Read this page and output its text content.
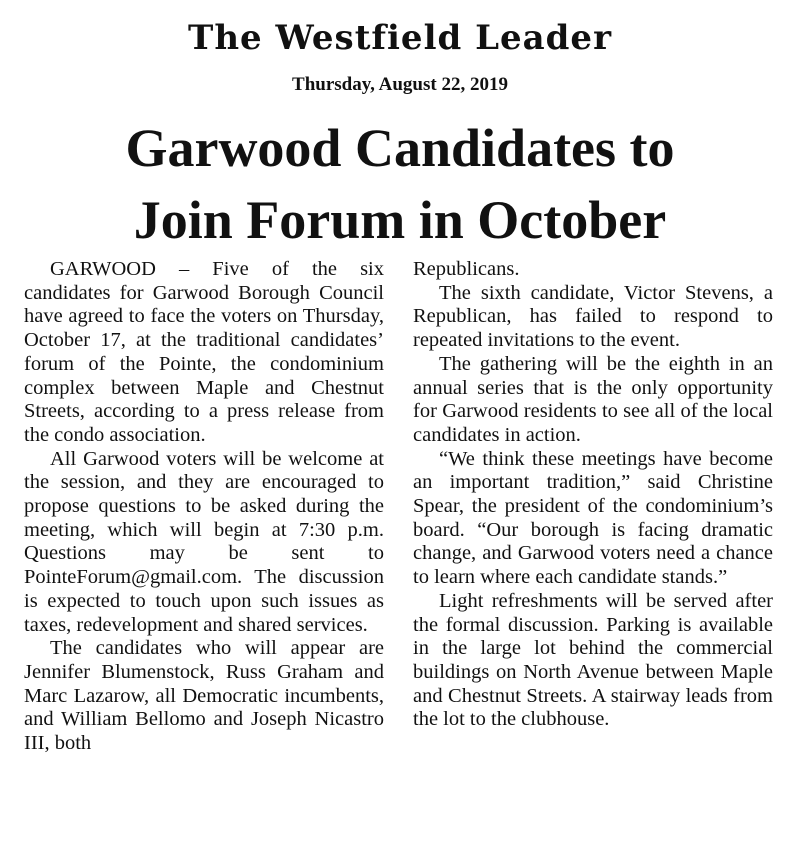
The Westfield Leader
Thursday, August 22, 2019
Garwood Candidates to
Join Forum in October

GARWOOD – Five of the six candidates for Garwood Borough Council have agreed to face the voters on Thursday, October 17, at the traditional candidates’ forum of the Pointe, the condominium complex between Maple and Chestnut Streets, according to a press release from the condo association.

All Garwood voters will be welcome at the session, and they are encouraged to propose questions to be asked during the meeting, which will begin at 7:30 p.m. Questions may be sent to PointeForum@gmail.com. The discussion is expected to touch upon such issues as taxes, redevelopment and shared services.

The candidates who will appear are Jennifer Blumenstock, Russ Graham and Marc Lazarow, all Democratic incumbents, and William Bellomo and Joseph Nicastro III, both

Republicans.

The sixth candidate, Victor Stevens, a Republican, has failed to respond to repeated invitations to the event.

The gathering will be the eighth in an annual series that is the only opportunity for Garwood residents to see all of the local candidates in action.

“We think these meetings have become an important tradition,” said Christine Spear, the president of the condominium’s board. “Our borough is facing dramatic change, and Garwood voters need a chance to learn where each candidate stands.”

Light refreshments will be served after the formal discussion. Parking is available in the large lot behind the commercial buildings on North Avenue between Maple and Chestnut Streets. A stairway leads from the lot to the clubhouse.
